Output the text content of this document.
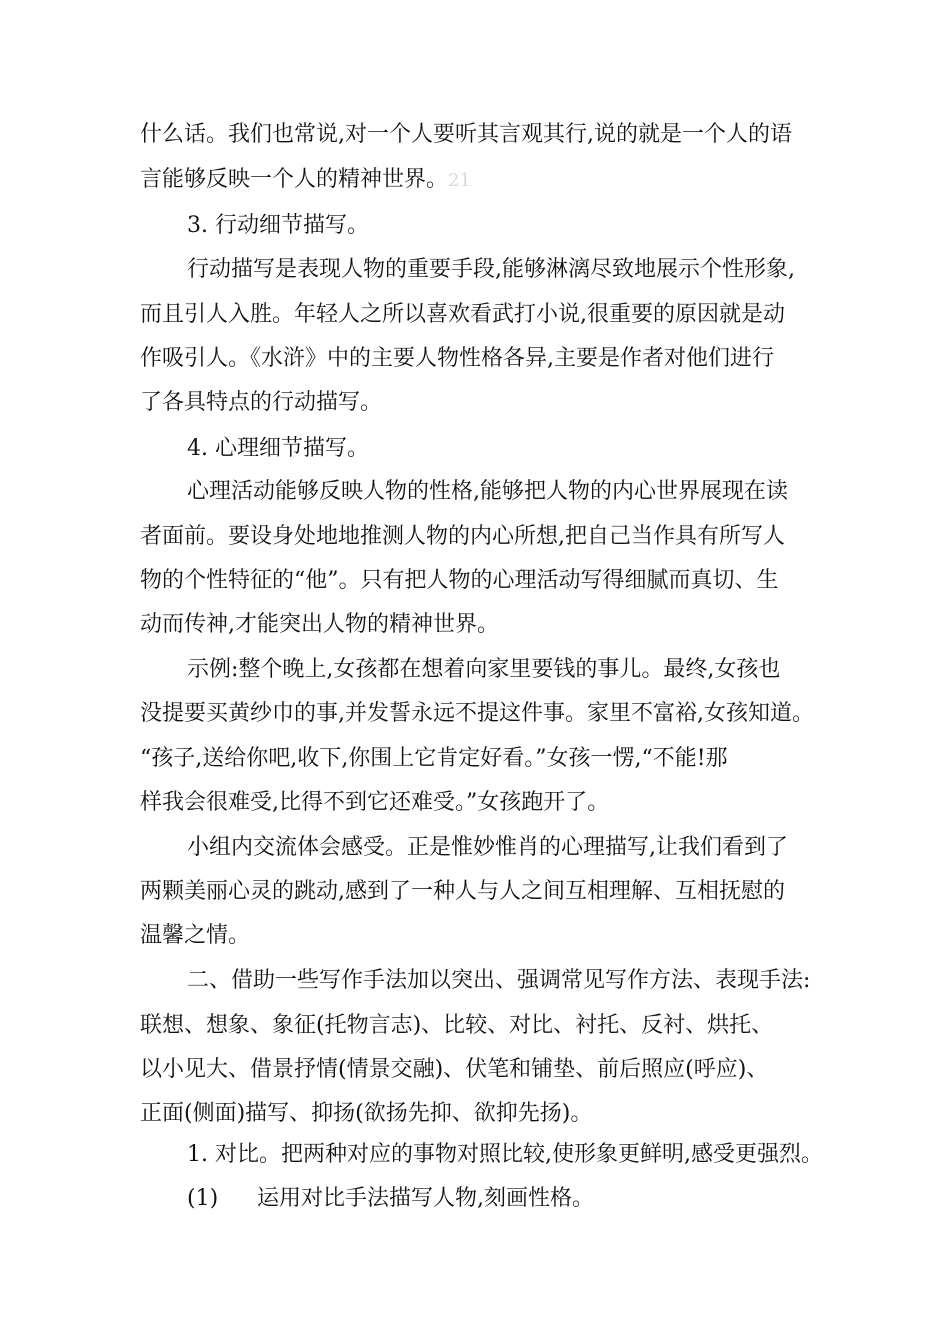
什么话。我们也常说,对一个人要听其言观其行,说的就是一个人的语
言能够反映一个人的精神世界。21
3. 行动细节描写。
行动描写是表现人物的重要手段,能够淋漓尽致地展示个性形象,
而且引人入胜。年轻人之所以喜欢看武打小说,很重要的原因就是动
作吸引人。《水浒》中的主要人物性格各异,主要是作者对他们进行
了各具特点的行动描写。
4. 心理细节描写。
心理活动能够反映人物的性格,能够把人物的内心世界展现在读
者面前。要设身处地地推测人物的内心所想,把自己当作具有所写人
物的个性特征的“他”。只有把人物的心理活动写得细腻而真切、生
动而传神,才能突出人物的精神世界。
示例:整个晚上,女孩都在想着向家里要钱的事儿。最终,女孩也
没提要买黄纱巾的事,并发誓永远不提这件事。家里不富裕,女孩知道。
“孩子,送给你吧,收下,你围上它肯定好看。”女孩一愣,“不能!那
样我会很难受,比得不到它还难受。”女孩跑开了。
小组内交流体会感受。正是惟妙惟肖的心理描写,让我们看到了
两颗美丽心灵的跳动,感到了一种人与人之间互相理解、互相抚慰的
温馨之情。
二、借助一些写作手法加以突出、强调常见写作方法、表现手法:
联想、想象、象征(托物言志)、比较、对比、衬托、反衬、烘托、
以小见大、借景抒情(情景交融)、伏笔和铺垫、前后照应(呼应)、
正面(侧面)描写、抑扬(欲扬先抑、欲抑先扬)。
1. 对比。把两种对应的事物对照比较,使形象更鲜明,感受更强烈。
(1) 运用对比手法描写人物,刻画性格。
